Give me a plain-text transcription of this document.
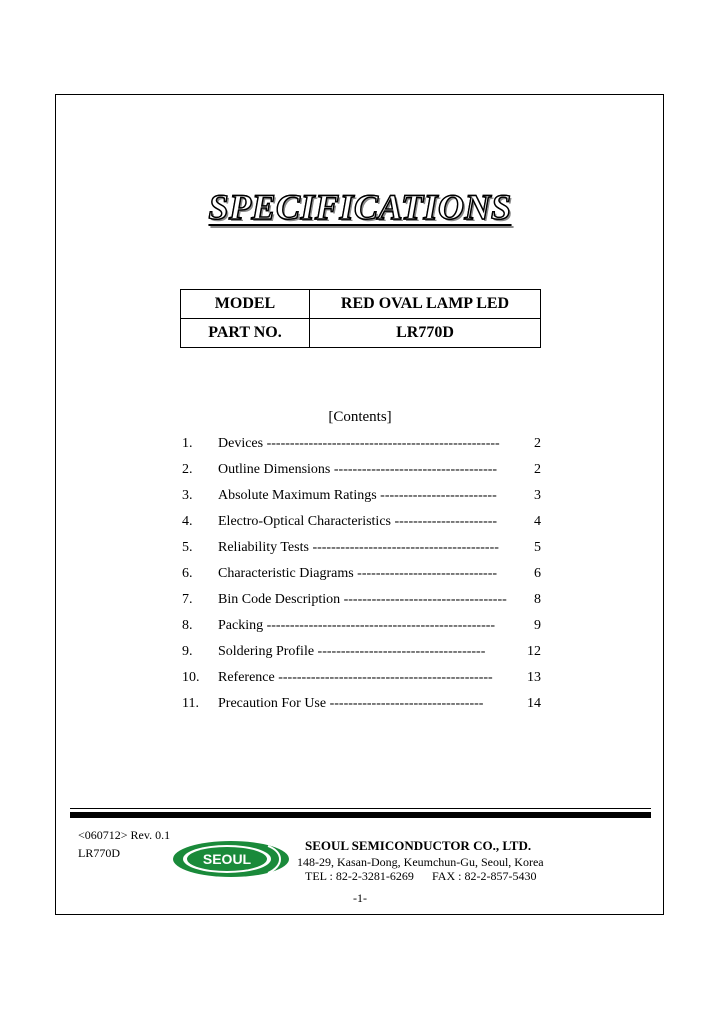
SPECIFICATIONS
MODEL	RED OVAL LAMP LED
PART NO.	LR770D
[Contents]
1. Devices -------------------------------------------------- 2
2. Outline Dimensions -----------------------------------	2
3. Absolute Maximum Ratings -------------------------	3
4. Electro-Optical Characteristics ----------------------	4
5. Reliability Tests ----------------------------------------	5
6. Characteristic Diagrams ------------------------------	6
7. Bin Code Description ----------------------------------- 8
8. Packing -------------------------------------------------	9
9. Soldering Profile ------------------------------------	12
10. Reference ---------------------------------------------- 13
11. Precaution For Use ---------------------------------	14
<060712> Rev. 0.1
LR770D	SEOUL
SEOUL SEMICONDUCTOR CO., LTD.
148-29, Kasan-Dong, Keumchun-Gu, Seoul, Korea
TEL : 82-2-3281-6269 FAX : 82-2-857-5430
-1-
